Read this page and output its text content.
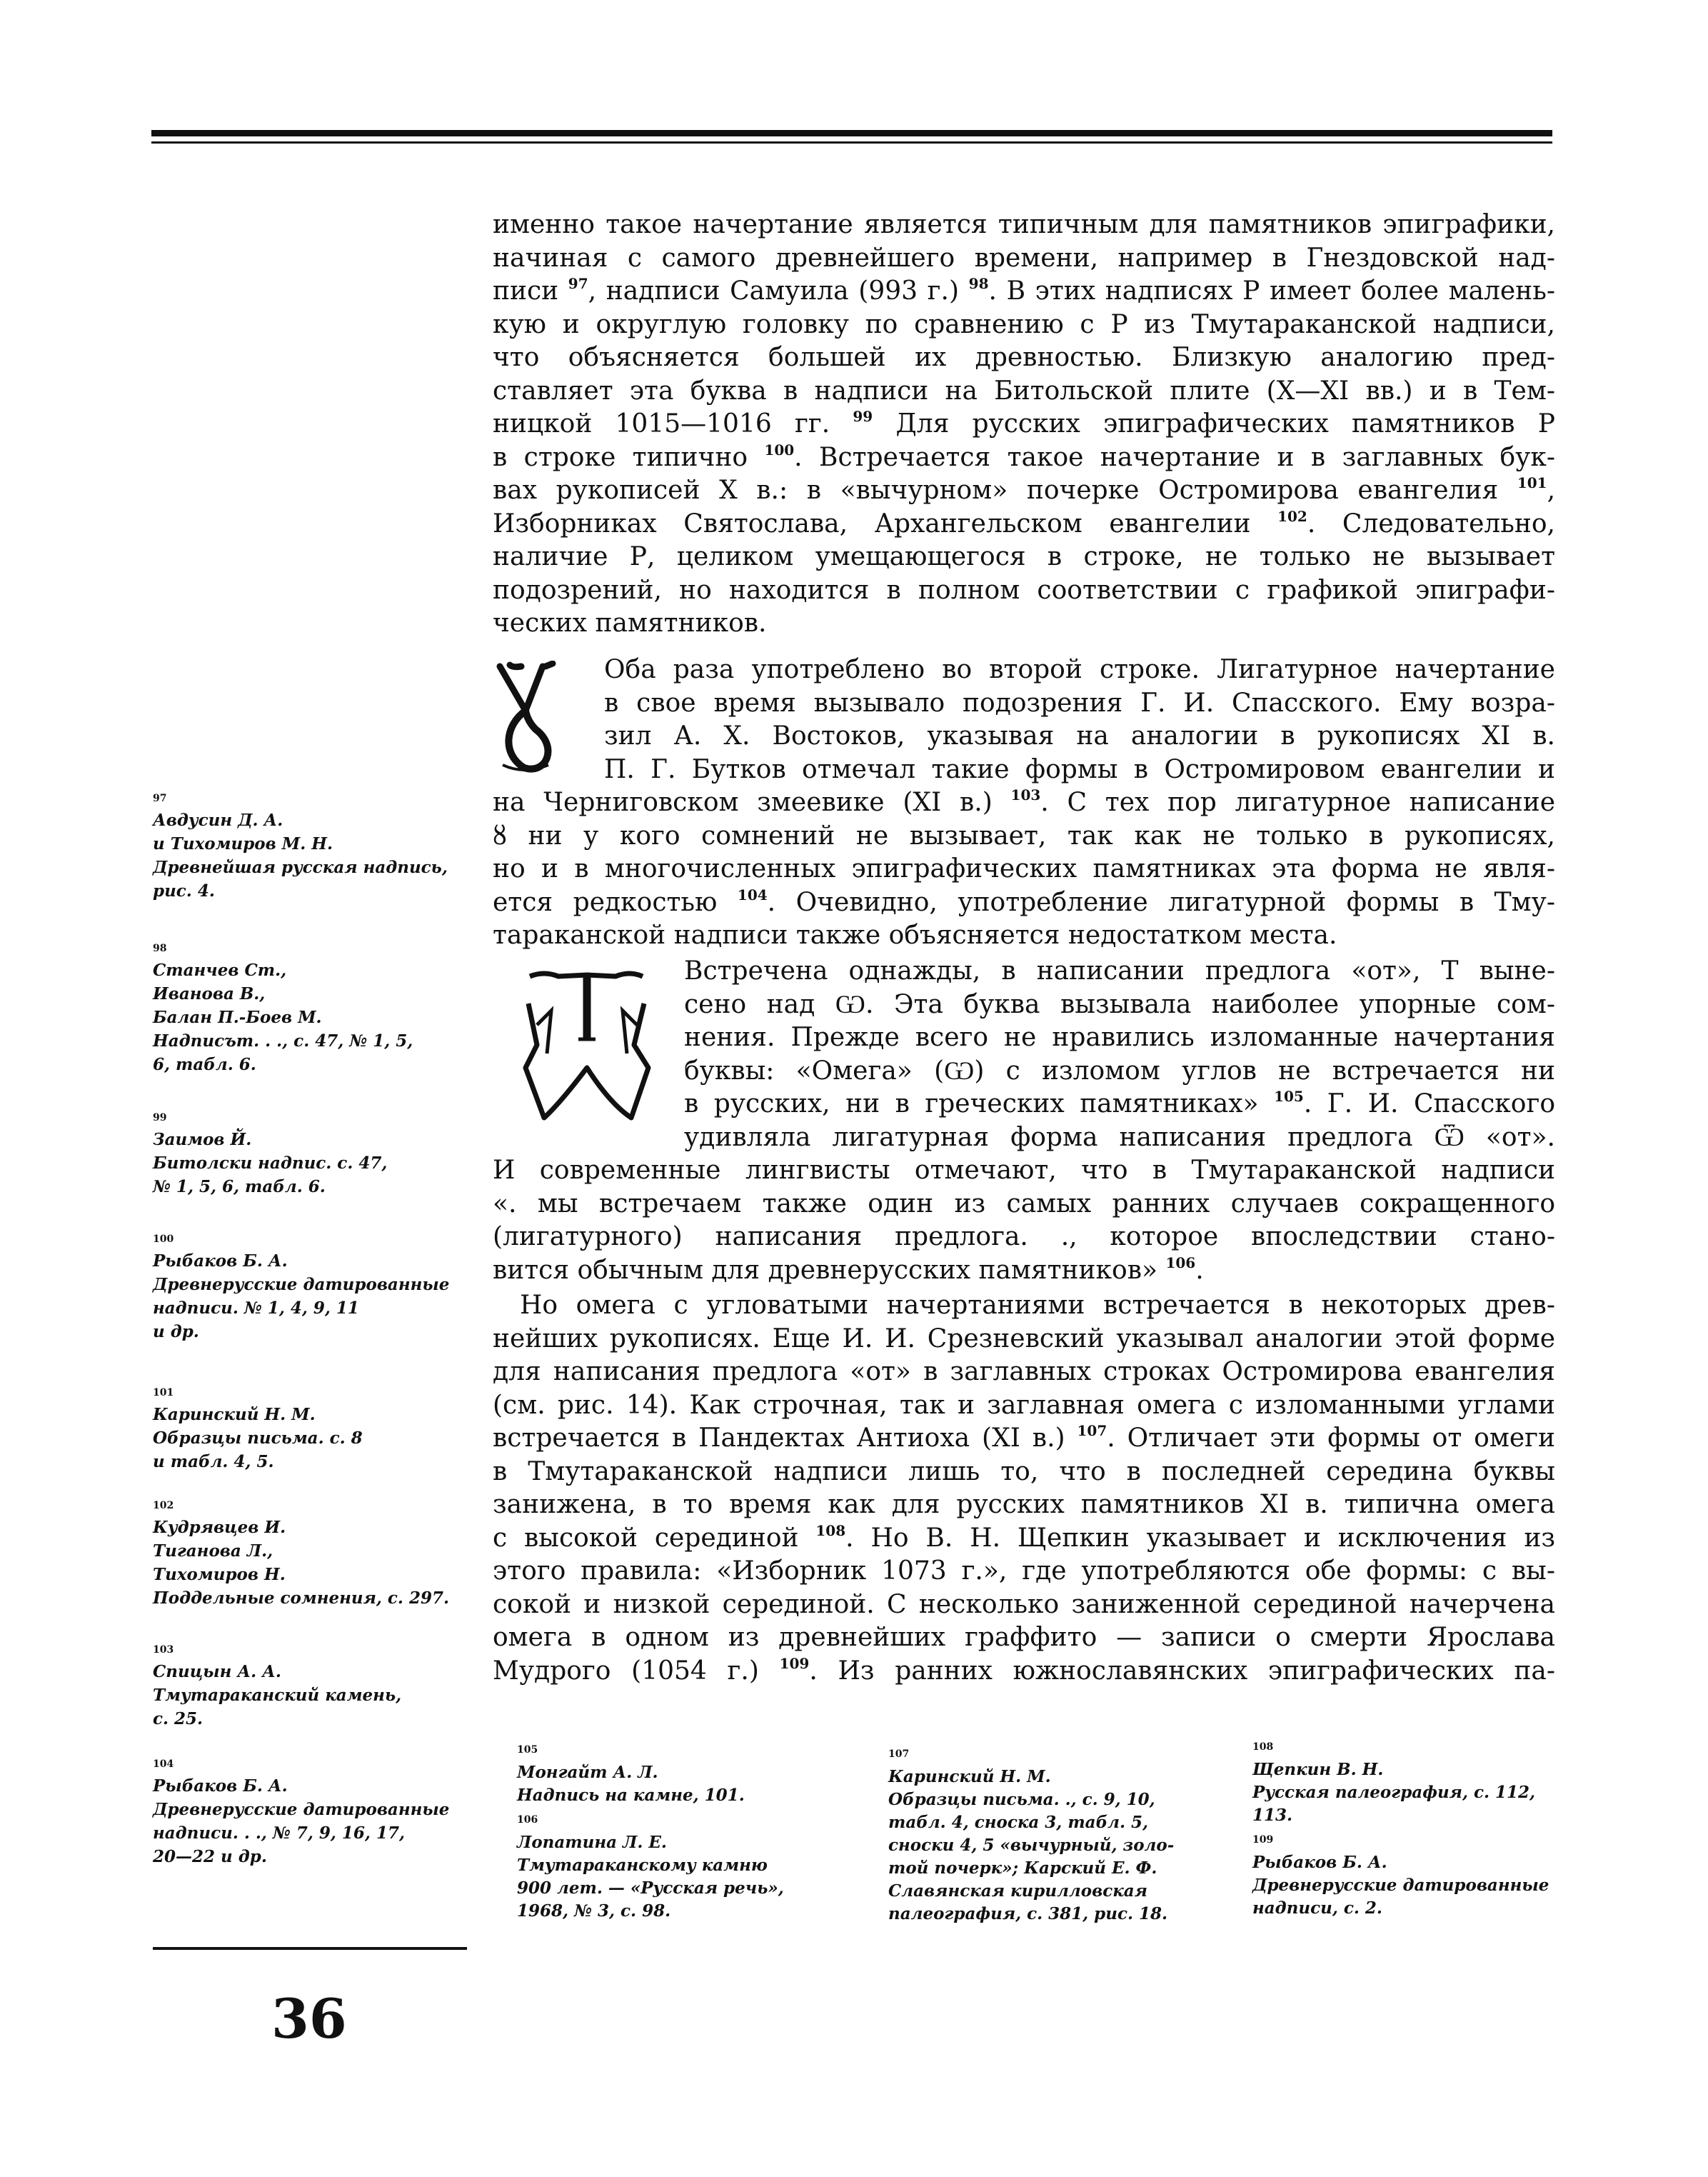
именно такое начертание является типичным для памятников эпиграфики,
начиная с самого древнейшего времени, например в Гнездовской над-
писи $^{97}$, надписи Самуила (993 г.) $^{98}$. В этих надписях Р имеет более малень-
кую и округлую головку по сравнению с Р из Тмутараканской надписи,
что объясняется большей их древностью. Близкую аналогию пред-
ставляет эта буква в надписи на Битольской плите (X—XI вв.) и в Тем-
ницкой 1015—1016 гг. $^{99}$ Для русских эпиграфических памятников Р
в строке типично $^{100}$. Встречается такое начертание и в заглавных бук-
вах рукописей X в.: в «вычурном» почерке Остромирова евангелия $^{101}$,
Изборниках Святослава, Архангельском евангелии $^{102}$. Следовательно,
наличие Р, целиком умещающегося в строке, не только не вызывает
подозрений, но находится в полном соответствии с графикой эпиграфи-
ческих памятников.

Оба раза употреблено во второй строке. Лигатурное начертание
в свое время вызывало подозрения Г. И. Спасского. Ему возра-
зил А. X. Востоков, указывая на аналогии в рукописях XI в.
П. Г. Бутков отмечал такие формы в Остромировом евангелии и
на Черниговском змеевике (XI в.) $^{103}$. С тех пор лигатурное написание
ȣ ни у кого сомнений не вызывает, так как не только в рукописях,
но и в многочисленных эпиграфических памятниках эта форма не явля-
ется редкостью $^{104}$. Очевидно, употребление лигатурной формы в Тму-
тараканской надписи также объясняется недостатком места.

Встречена однажды, в написании предлога «от», Т выне-
сено над Ѡ. Эта буква вызывала наиболее упорные сом-
нения. Прежде всего не нравились изломанные начертания
буквы: «Омега» (Ѡ) с изломом углов не встречается ни
в русских, ни в греческих памятниках» $^{105}$. Г. И. Спасского
удивляла лигатурная форма написания предлога Ѿ «от».
И современные лингвисты отмечают, что в Тмутараканской надписи
«. мы встречаем также один из самых ранних случаев сокращенного
(лигатурного) написания предлога. ., которое впоследствии стано-
вится обычным для древнерусских памятников» $^{106}$.

Но омега с угловатыми начертаниями встречается в некоторых древ-
нейших рукописях. Еще И. И. Срезневский указывал аналогии этой форме
для написания предлога «от» в заглавных строках Остромирова евангелия
(см. рис. 14). Как строчная, так и заглавная омега с изломанными углами
встречается в Пандектах Антиоха (XI в.) $^{107}$. Отличает эти формы от омеги
в Тмутараканской надписи лишь то, что в последней середина буквы
занижена, в то время как для русских памятников XI в. типична омега
с высокой серединой $^{108}$. Но В. Н. Щепкин указывает и исключения из
этого правила: «Изборник 1073 г.», где употребляются обе формы: с вы-
сокой и низкой серединой. С несколько заниженной серединой начерчена
омега в одном из древнейших граффито — записи о смерти Ярослава
Мудрого (1054 г.) $^{109}$. Из ранних южнославянских эпиграфических па-

97
Авдусин Д. А.
и Тихомиров М. Н.
Древнейшая русская надпись,
рис. 4.
98
Станчев Ст.,
Иванова В.,
Балан П.-Боев М.
Надписът. . ., с. 47, № 1, 5,
6, табл. 6.
99
Заимов Й.
Битолски надпис. с. 47,
№ 1, 5, 6, табл. 6.
100
Рыбаков Б. А.
Древнерусские датированные
надписи. № 1, 4, 9, 11
и др.
101
Каринский Н. М.
Образцы письма. с. 8
и табл. 4, 5.
102
Кудрявцев И.
Тиганова Л.,
Тихомиров Н.
Поддельные сомнения, с. 297.
103
Спицын А. А.
Тмутараканский камень,
с. 25.
104
Рыбаков Б. А.
Древнерусские датированные
надписи. . ., № 7, 9, 16, 17,
20—22 и др.
105
Монгайт А. Л.
Надпись на камне, 101.
106
Лопатина Л. Е.
Тмутараканскому камню
900 лет. — «Русская речь»,
1968, № 3, с. 98.
107
Каринский Н. М.
Образцы письма. ., с. 9, 10,
табл. 4, сноска 3, табл. 5,
сноски 4, 5 «вычурный, золо-
той почерк»; Карский Е. Ф.
Славянская кирилловская
палеография, с. 381, рис. 18.
108
Щепкин В. Н.
Русская палеография, с. 112,
113.
109
Рыбаков Б. А.
Древнерусские датированные
надписи, с. 2.
36
